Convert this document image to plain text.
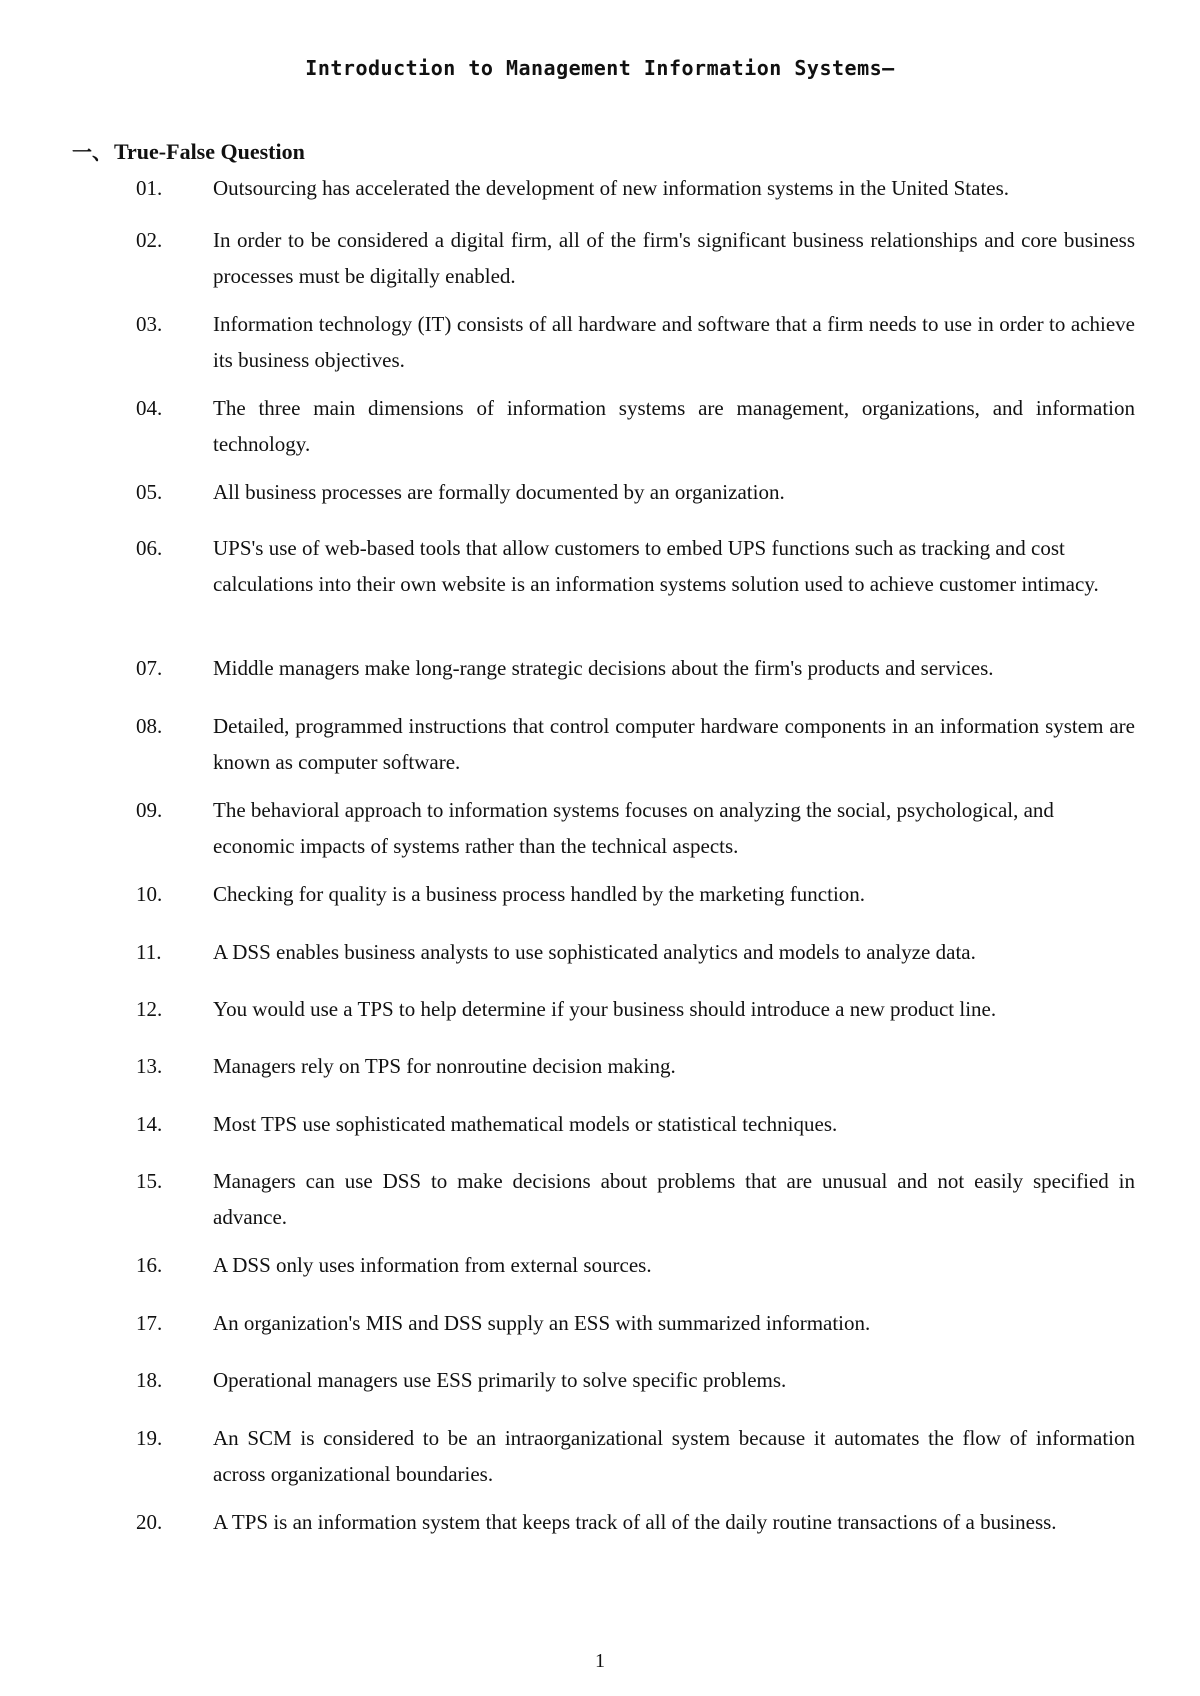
Introduction to Management Information Systems—
一、True-False Question
01. Outsourcing has accelerated the development of new information systems in the United States.
02. In order to be considered a digital firm, all of the firm's significant business relationships and core business processes must be digitally enabled.
03. Information technology (IT) consists of all hardware and software that a firm needs to use in order to achieve its business objectives.
04. The three main dimensions of information systems are management, organizations, and information technology.
05. All business processes are formally documented by an organization.
06. UPS's use of web-based tools that allow customers to embed UPS functions such as tracking and cost calculations into their own website is an information systems solution used to achieve customer intimacy.
07. Middle managers make long-range strategic decisions about the firm's products and services.
08. Detailed, programmed instructions that control computer hardware components in an information system are known as computer software.
09. The behavioral approach to information systems focuses on analyzing the social, psychological, and economic impacts of systems rather than the technical aspects.
10. Checking for quality is a business process handled by the marketing function.
11. A DSS enables business analysts to use sophisticated analytics and models to analyze data.
12. You would use a TPS to help determine if your business should introduce a new product line.
13. Managers rely on TPS for nonroutine decision making.
14. Most TPS use sophisticated mathematical models or statistical techniques.
15. Managers can use DSS to make decisions about problems that are unusual and not easily specified in advance.
16. A DSS only uses information from external sources.
17. An organization's MIS and DSS supply an ESS with summarized information.
18. Operational managers use ESS primarily to solve specific problems.
19. An SCM is considered to be an intraorganizational system because it automates the flow of information across organizational boundaries.
20. A TPS is an information system that keeps track of all of the daily routine transactions of a business.
1
